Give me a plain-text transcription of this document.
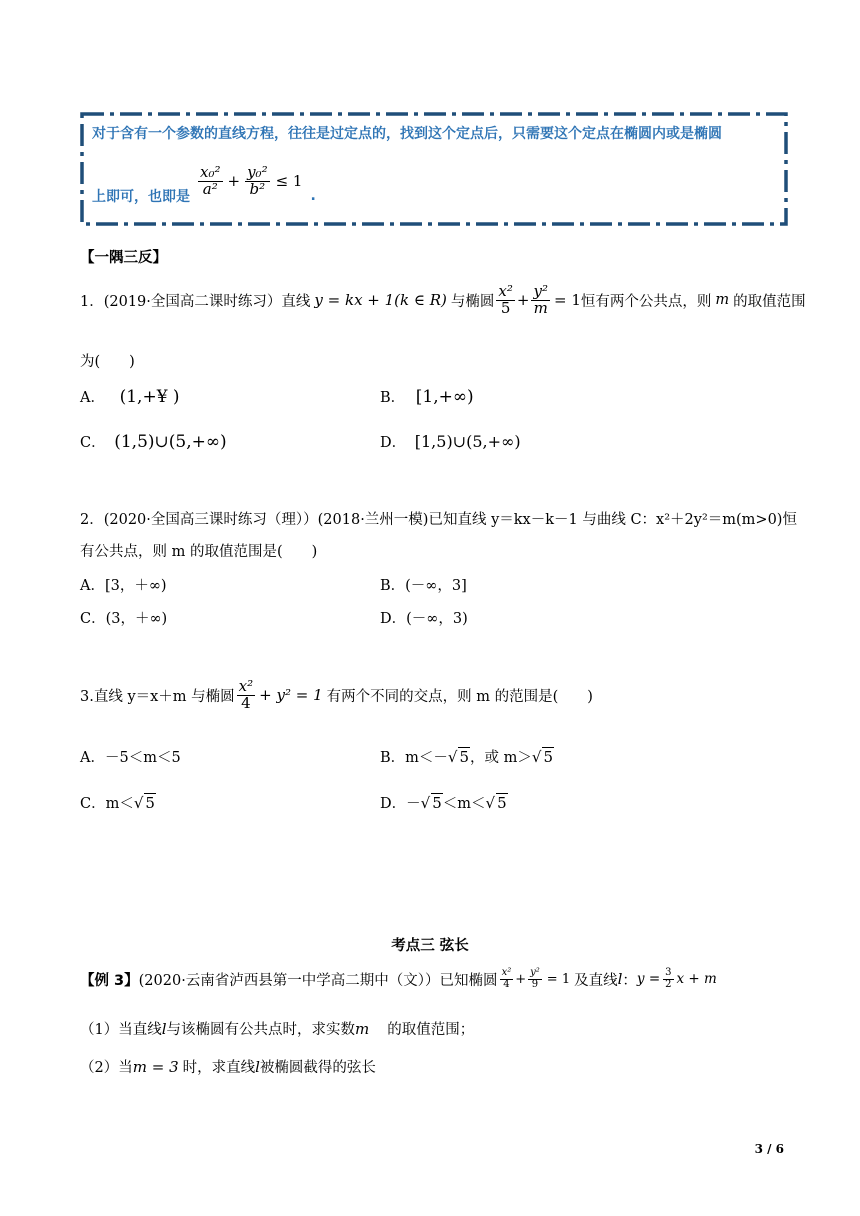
对于含有一个参数的直线方程，往往是过定点的，找到这个定点后，只需要这个定点在椭圆内或是椭圆
上即可，也即是 $\frac{\text{x₀²}}{\text{a²}} + \frac{\text{y₀²}}{\text{b²}} \le 1$
.
【一隅三反】
1．(2019·全国高二课时练习）直线 y = kx + 1(k ∈ R) 与椭圆 $\frac{\text{x²}}{5} + \frac{\text{y²}}{m} = 1$ 恒有两个公共点，则 m 的取值范围
为(　　)
A． (1,+¥ )	B． [1,+∞)
C． (1,5)∪(5,+∞)	D． [1,5)∪(5,+∞)
2．(2020·全国高三课时练习（理））(2018·兰州一模)已知直线 y＝kx－k－1 与曲线 C：x²＋2y²＝m(m>0)恒
有公共点，则 m 的取值范围是(　　)
A．[3，＋∞)	B．(－∞，3]
C．(3，＋∞)	D．(－∞，3)
3.直线 y＝x＋m 与椭圆 $\frac{\text{x²}}{4} + y^2 = 1$ 有两个不同的交点，则 m 的范围是(　　)
A．－5＜m＜5	B．m＜－√ 5，或 m＞√ 5
C．m＜√ 5	D．－√ 5＜m＜√ 5
考点三 弦长
【例 3】 (2020·云南省泸西县第一中学高二期中（文））已知椭圆 $\frac{\text{x²}}{4} + \frac{\text{y²}}{9} = 1$ 及直线 l ： $y = \frac{3}{2}$ x + m
（1）当直线l与该椭圆有公共点时，求实数m 的取值范围；
（2）当m = 3 时，求直线l被椭圆截得的弦长
3 / 6
